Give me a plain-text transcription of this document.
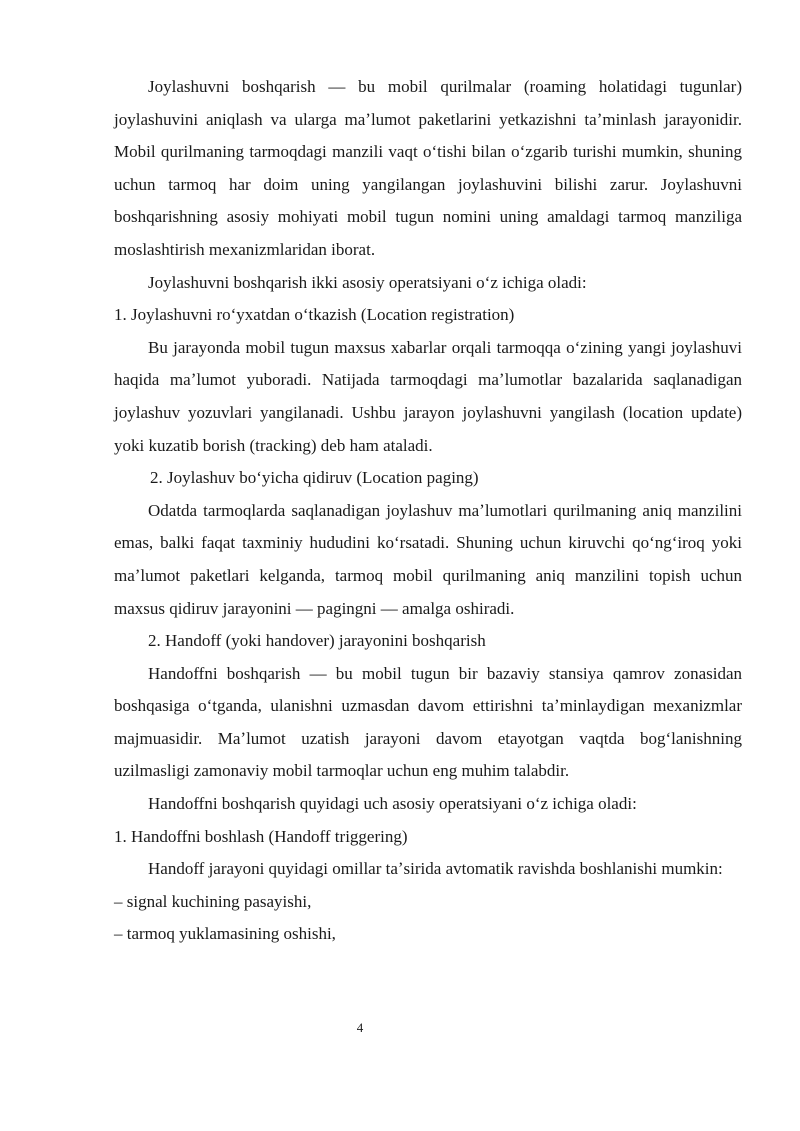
Joylashuvni boshqarish — bu mobil qurilmalar (roaming holatidagi tugunlar) joylashuvini aniqlash va ularga maʼlumot paketlarini yetkazishni taʼminlash jarayonidir. Mobil qurilmaning tarmoqdagi manzili vaqt oʻtishi bilan oʻzgarib turishi mumkin, shuning uchun tarmoq har doim uning yangilangan joylashuvini bilishi zarur. Joylashuvni boshqarishning asosiy mohiyati mobil tugun nomini uning amaldagi tarmoq manziliga moslashtirish mexanizmlaridan iborat.

Joylashuvni boshqarish ikki asosiy operatsiyani oʻz ichiga oladi:

1. Joylashuvni roʻyxatdan oʻtkazish (Location registration)

Bu jarayonda mobil tugun maxsus xabarlar orqali tarmoqqa oʻzining yangi joylashuvi haqida maʼlumot yuboradi. Natijada tarmoqdagi maʼlumotlar bazalarida saqlanadigan joylashuv yozuvlari yangilanadi. Ushbu jarayon joylashuvni yangilash (location update) yoki kuzatib borish (tracking) deb ham ataladi.

2. Joylashuv boʻyicha qidiruv (Location paging)

Odatda tarmoqlarda saqlanadigan joylashuv maʼlumotlari qurilmaning aniq manzilini emas, balki faqat taxminiy hududini koʻrsatadi. Shuning uchun kiruvchi qoʻngʻiroq yoki maʼlumot paketlari kelganda, tarmoq mobil qurilmaning aniq manzilini topish uchun maxsus qidiruv jarayonini — pagingni — amalga oshiradi.

2. Handoff (yoki handover) jarayonini boshqarish

Handoffni boshqarish — bu mobil tugun bir bazaviy stansiya qamrov zonasidan boshqasiga oʻtganda, ulanishni uzmasdan davom ettirishni taʼminlaydigan mexanizmlar majmuasidir. Maʼlumot uzatish jarayoni davom etayotgan vaqtda bogʻlanishning uzilmasligi zamonaviy mobil tarmoqlar uchun eng muhim talabdir.

Handoffni boshqarish quyidagi uch asosiy operatsiyani oʻz ichiga oladi:

1. Handoffni boshlash (Handoff triggering)

Handoff jarayoni quyidagi omillar taʼsirida avtomatik ravishda boshlanishi mumkin:

– signal kuchining pasayishi,

– tarmoq yuklamasining oshishi,

4
